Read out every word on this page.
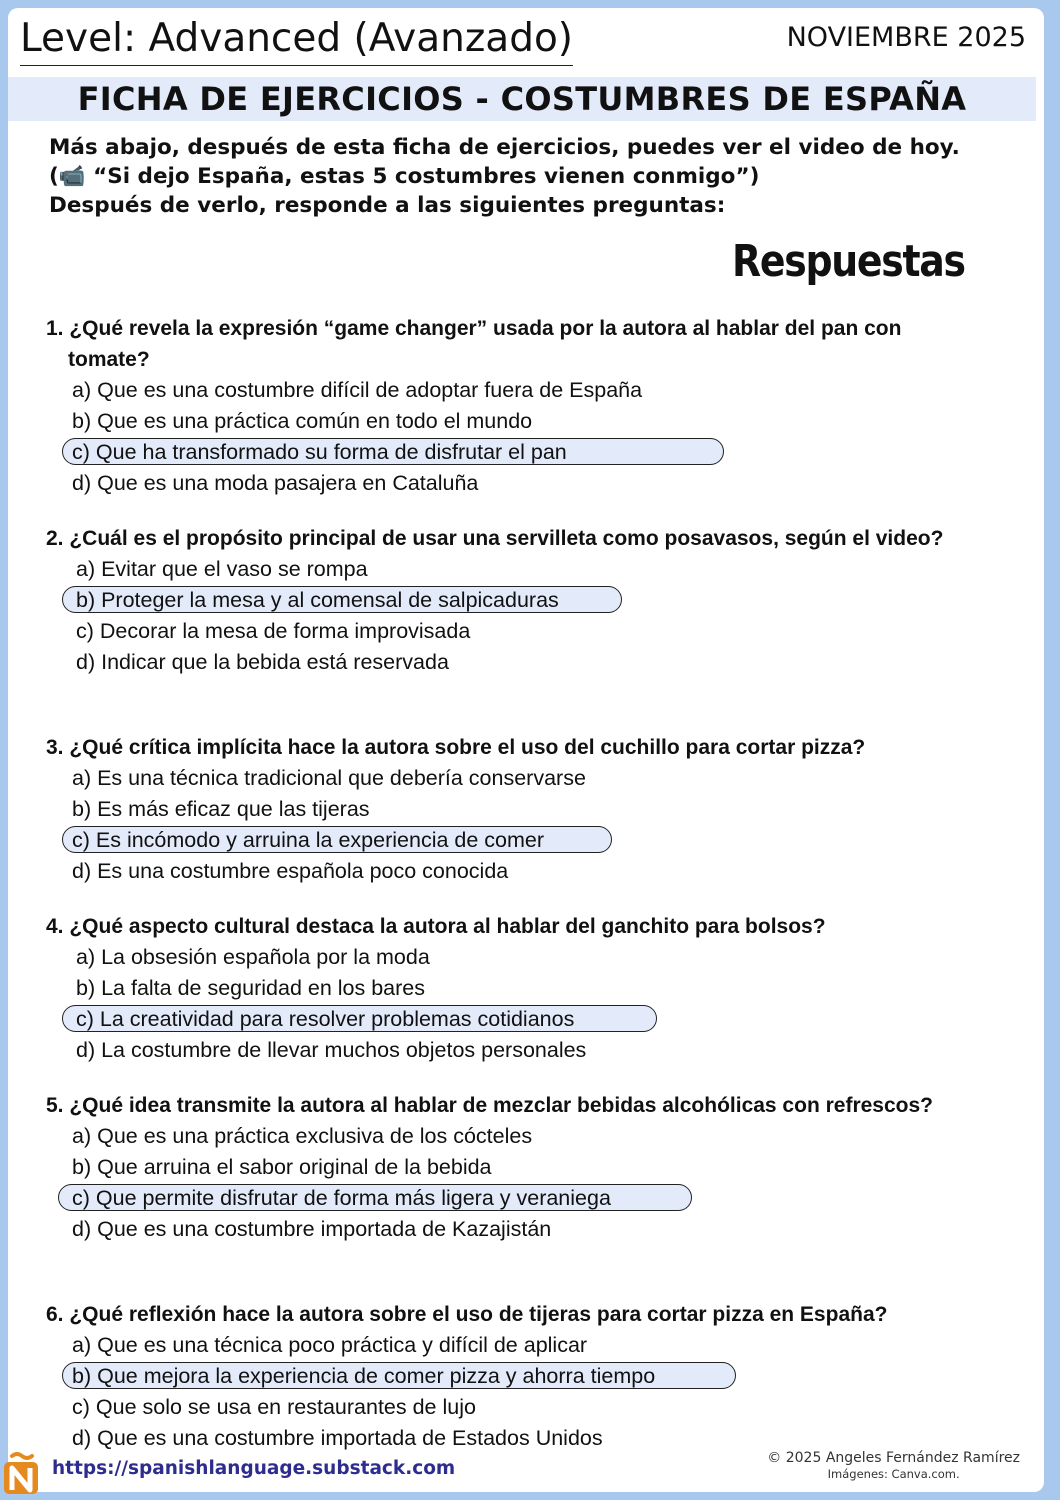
Level: Advanced (Avanzado)	NOVIEMBRE 2025
FICHA DE EJERCICIOS - COSTUMBRES DE ESPAÑA
Más abajo, después de esta ficha de ejercicios, puedes ver el video de hoy.
(📹 “Si dejo España, estas 5 costumbres vienen conmigo”)
Después de verlo, responde a las siguientes preguntas:
Respuestas
1. ¿Qué revela la expresión “game changer” usada por la autora al hablar del pan con tomate?
a) Que es una costumbre difícil de adoptar fuera de España
b) Que es una práctica común en todo el mundo
c) Que ha transformado su forma de disfrutar el pan
d) Que es una moda pasajera en Cataluña
2. ¿Cuál es el propósito principal de usar una servilleta como posavasos, según el video?
a) Evitar que el vaso se rompa
b) Proteger la mesa y al comensal de salpicaduras
c) Decorar la mesa de forma improvisada
d) Indicar que la bebida está reservada
3. ¿Qué crítica implícita hace la autora sobre el uso del cuchillo para cortar pizza?
a) Es una técnica tradicional que debería conservarse
b) Es más eficaz que las tijeras
c) Es incómodo y arruina la experiencia de comer
d) Es una costumbre española poco conocida
4. ¿Qué aspecto cultural destaca la autora al hablar del ganchito para bolsos?
a) La obsesión española por la moda
b) La falta de seguridad en los bares
c) La creatividad para resolver problemas cotidianos
d) La costumbre de llevar muchos objetos personales
5. ¿Qué idea transmite la autora al hablar de mezclar bebidas alcohólicas con refrescos?
a) Que es una práctica exclusiva de los cócteles
b) Que arruina el sabor original de la bebida
c) Que permite disfrutar de forma más ligera y veraniega
d) Que es una costumbre importada de Kazajistán
6. ¿Qué reflexión hace la autora sobre el uso de tijeras para cortar pizza en España?
a) Que es una técnica poco práctica y difícil de aplicar
b) Que mejora la experiencia de comer pizza y ahorra tiempo
c) Que solo se usa en restaurantes de lujo
d) Que es una costumbre importada de Estados Unidos
https://spanishlanguage.substack.com	© 2025 Angeles Fernández Ramírez
Imágenes: Canva.com.
